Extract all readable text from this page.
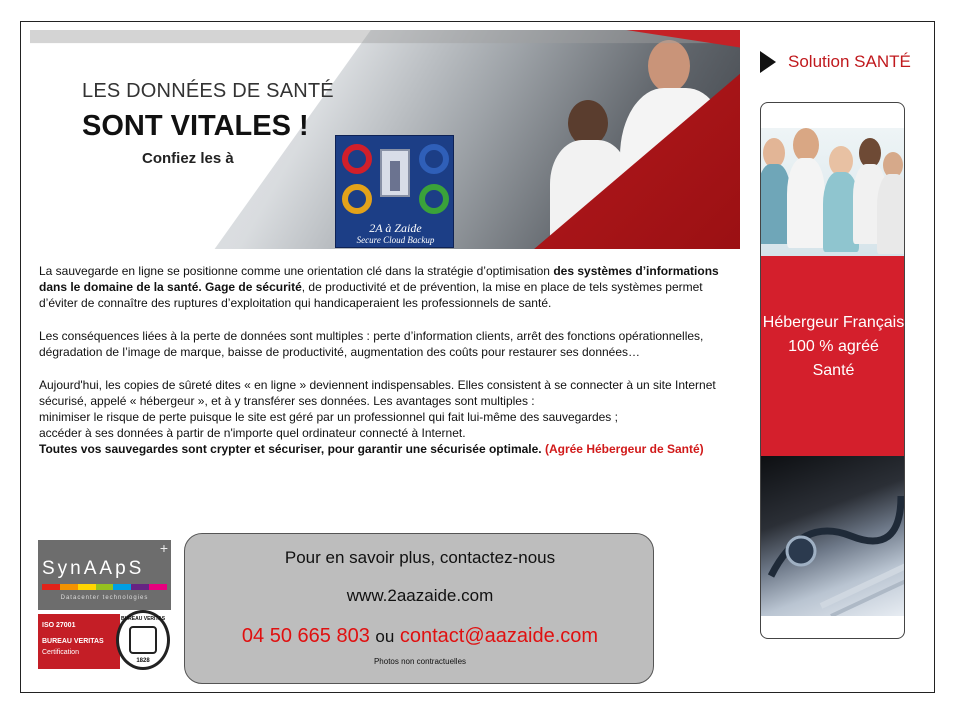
LES DONNÉES DE SANTÉ
SONT VITALES !
Confiez les à
2A à Zaide
Secure Cloud Backup

La sauvegarde en ligne se positionne comme une orientation clé dans la stratégie d’optimisation des systèmes d’informations dans le domaine de la santé. Gage de sécurité, de productivité et de prévention, la mise en place de tels systèmes permet d’éviter de connaître des ruptures d’exploitation qui handicaperaient les professionnels de santé.

Les conséquences liées à la perte de données sont multiples : perte d’information clients, arrêt des fonctions opérationnelles, dégradation de l’image de marque, baisse de productivité, augmentation des coûts pour restaurer ses données…

Aujourd'hui, les copies de sûreté dites « en ligne » deviennent indispensables. Elles consistent à se connecter à un site Internet sécurisé, appelé « hébergeur », et à y transférer ses données. Les avantages sont multiples :

minimiser le risque de perte puisque le site est géré par un professionnel qui fait lui-même des sauvegardes ;

accéder à ses données à partir de n'importe quel ordinateur connecté à Internet.

Toutes vos sauvegardes sont crypter et sécuriser, pour garantir une sécurisée optimale. (Agrée Hébergeur de Santé)

Solution SANTÉ
Hébergeur Français
100 % agréé
Santé
+
SynAApS
Datacenter technologies
ISO 27001
BUREAU VERITAS
Certification
BUREAU VERITAS
1828
Pour en savoir plus, contactez-nous
www.2aazaide.com
04 50 665 803 ou contact@aazaide.com
Photos non contractuelles
